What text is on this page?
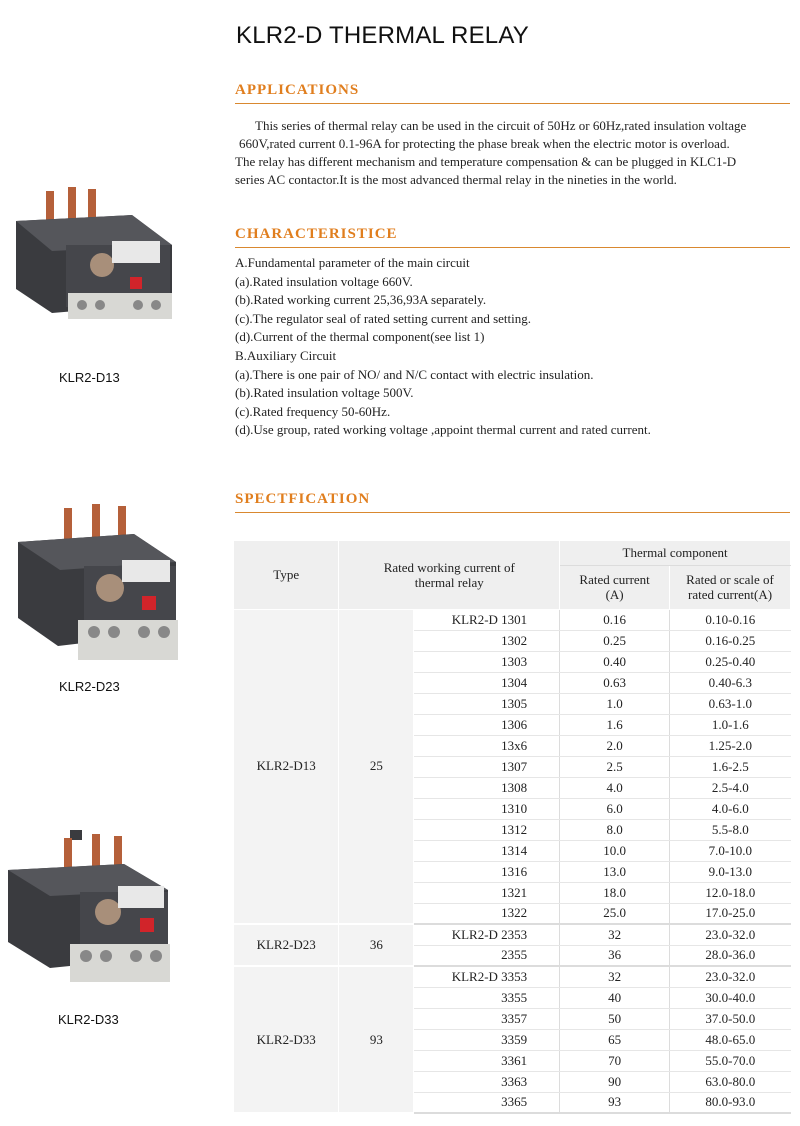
KLR2-D THERMAL RELAY
APPLICATIONS
This series of thermal relay can be used in the circuit of 50Hz or 60Hz,rated insulation voltage
660V,rated current 0.1-96A for protecting the phase break when the electric motor is overload.
The relay has different mechanism and temperature compensation & can be plugged in KLC1-D
series AC contactor.It is the most advanced thermal relay in the nineties in the world.
CHARACTERISTICE
A.Fundamental parameter of the main circuit
(a).Rated insulation voltage 660V.
(b).Rated working current 25,36,93A separately.
(c).The regulator seal of rated setting current and setting.
(d).Current of the thermal component(see list 1)
B.Auxiliary Circuit
(a).There is one pair of NO/ and N/C contact with electric insulation.
(b).Rated insulation voltage 500V.
(c).Rated frequency 50-60Hz.
(d).Use group, rated working voltage ,appoint thermal current and rated current.
SPECTFICATION
KLR2-D13
KLR2-D23
KLR2-D33
Type	Rated working current of thermal relay		Thermal component	
			Rated current (A)	Rated or scale of rated current(A)
KLR2-D13	25	KLR2-D 1301	0.16	0.10-0.16
		1302	0.25	0.16-0.25
		1303	0.40	0.25-0.40
		1304	0.63	0.40-6.3
		1305	1.0	0.63-1.0
		1306	1.6	1.0-1.6
		13x6	2.0	1.25-2.0
		1307	2.5	1.6-2.5
		1308	4.0	2.5-4.0
		1310	6.0	4.0-6.0
		1312	8.0	5.5-8.0
		1314	10.0	7.0-10.0
		1316	13.0	9.0-13.0
		1321	18.0	12.0-18.0
		1322	25.0	17.0-25.0
KLR2-D23	36	KLR2-D 2353	32	23.0-32.0
		2355	36	28.0-36.0
KLR2-D33	93	KLR2-D 3353	32	23.0-32.0
		3355	40	30.0-40.0
		3357	50	37.0-50.0
		3359	65	48.0-65.0
		3361	70	55.0-70.0
		3363	90	63.0-80.0
		3365	93	80.0-93.0
